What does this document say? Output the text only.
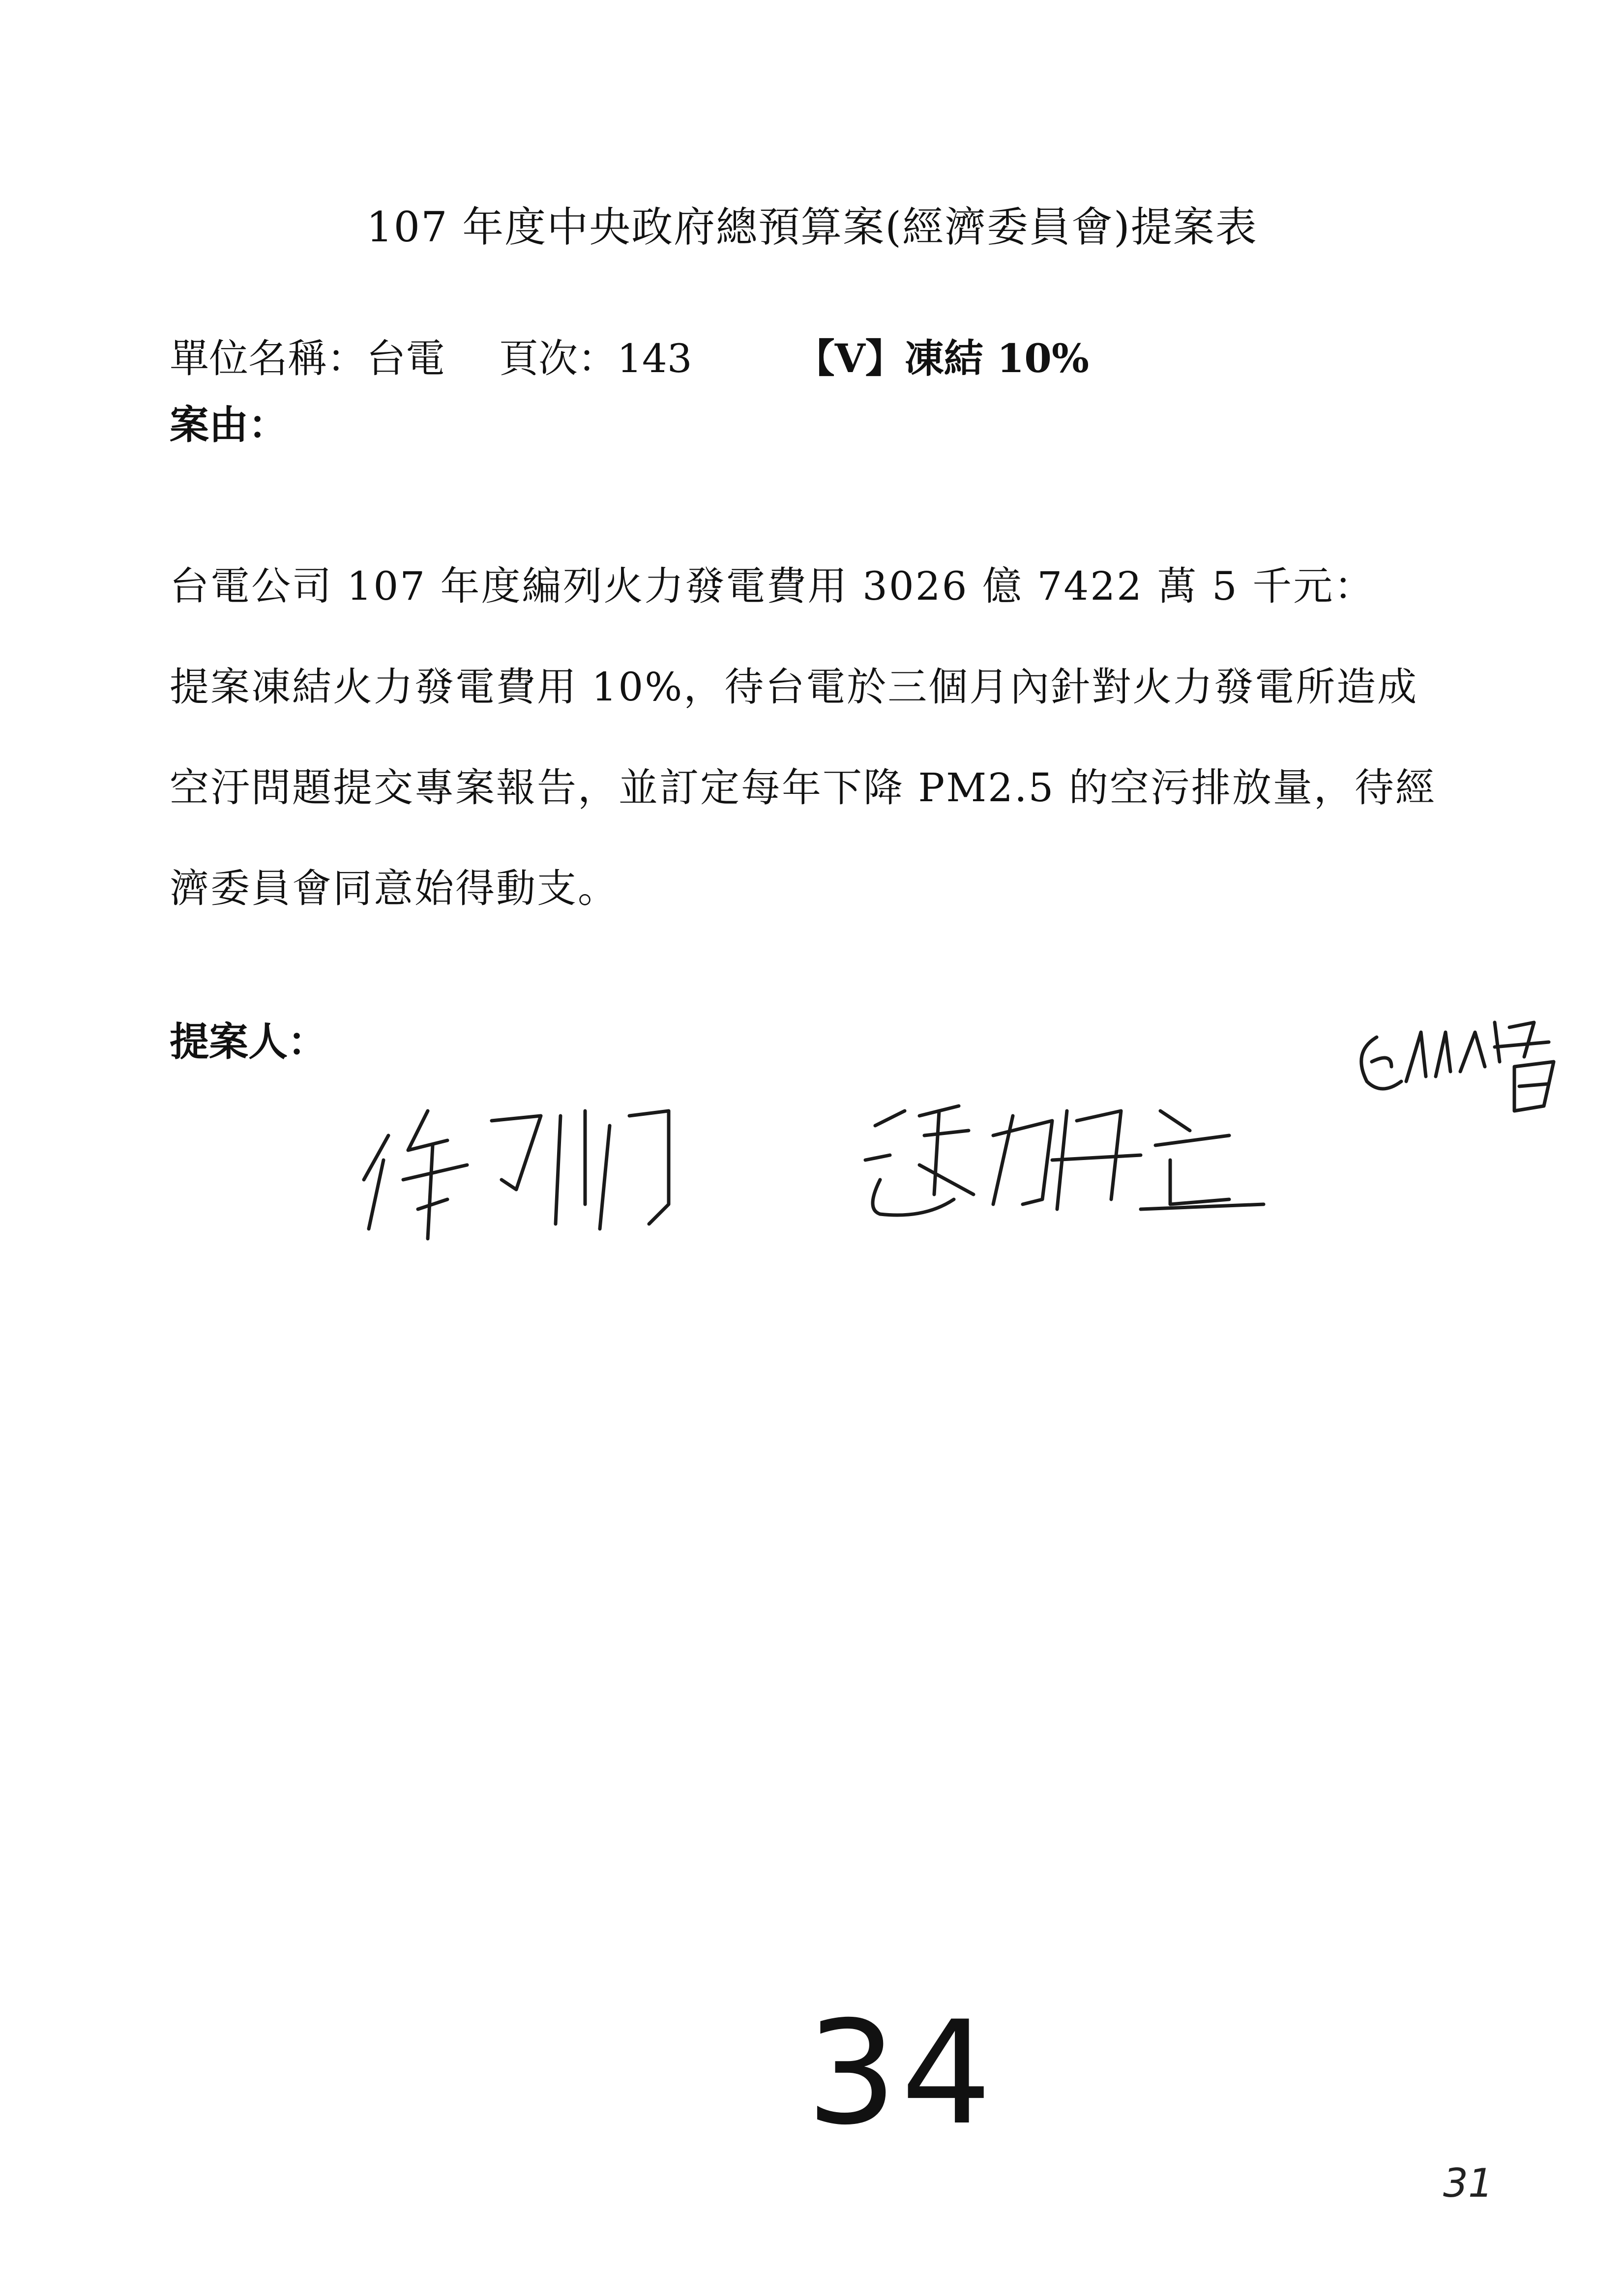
107 年度中央政府總預算案(經濟委員會)提案表
單位名稱：台電 頁次：143	【V】凍結 10%
案由：

台電公司 107 年度編列火力發電費用 3026 億 7422 萬 5 千元：

提案凍結火力發電費用 10%，待台電於三個月內針對火力發電所造成

空汙問題提交專案報告，並訂定每年下降 PM2.5 的空污排放量，待經

濟委員會同意始得動支。

提案人：
34
31
